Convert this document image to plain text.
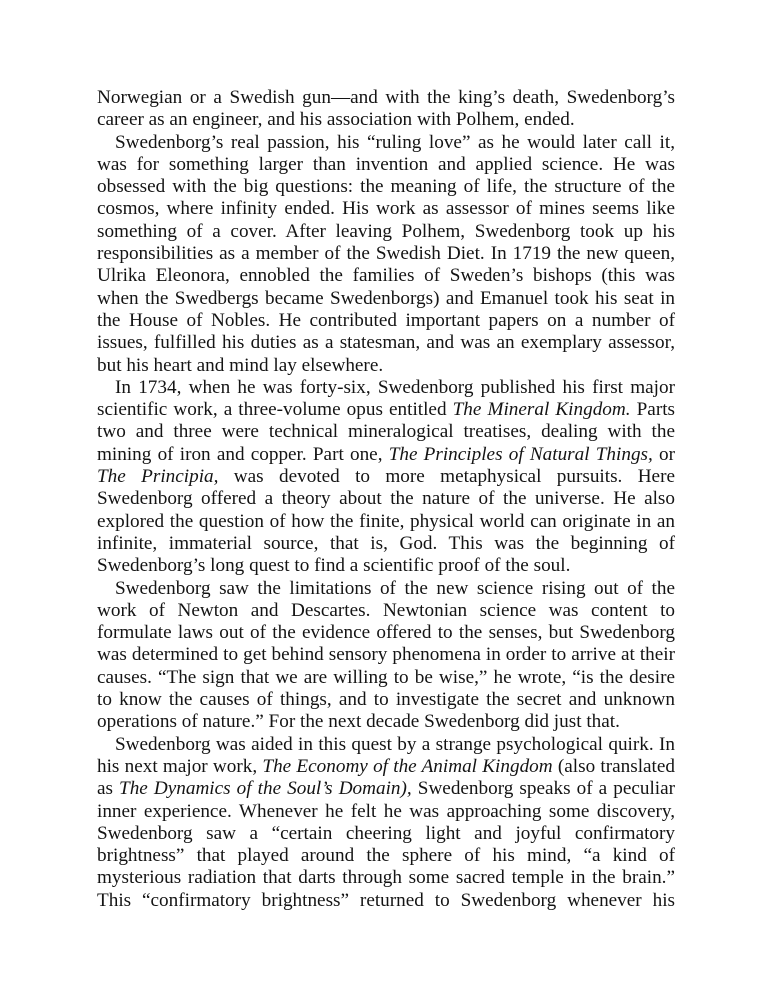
Norwegian or a Swedish gun—and with the king’s death, Swedenborg’s career as an engineer, and his association with Polhem, ended.

Swedenborg’s real passion, his “ruling love” as he would later call it, was for something larger than invention and applied science. He was obsessed with the big questions: the meaning of life, the structure of the cosmos, where infinity ended. His work as assessor of mines seems like something of a cover. After leaving Polhem, Swedenborg took up his responsibilities as a member of the Swedish Diet. In 1719 the new queen, Ulrika Eleonora, ennobled the families of Sweden’s bishops (this was when the Swedbergs became Swedenborgs) and Emanuel took his seat in the House of Nobles. He contributed important papers on a number of issues, fulfilled his duties as a statesman, and was an exemplary assessor, but his heart and mind lay elsewhere.

In 1734, when he was forty-six, Swedenborg published his first major scientific work, a three-volume opus entitled The Mineral Kingdom. Parts two and three were technical mineralogical treatises, dealing with the mining of iron and copper. Part one, The Principles of Natural Things, or The Principia, was devoted to more metaphysical pursuits. Here Swedenborg offered a theory about the nature of the universe. He also explored the question of how the finite, physical world can originate in an infinite, immaterial source, that is, God. This was the beginning of Swedenborg’s long quest to find a scientific proof of the soul.

Swedenborg saw the limitations of the new science rising out of the work of Newton and Descartes. Newtonian science was content to formulate laws out of the evidence offered to the senses, but Swedenborg was determined to get behind sensory phenomena in order to arrive at their causes. “The sign that we are willing to be wise,” he wrote, “is the desire to know the causes of things, and to investigate the secret and unknown operations of nature.” For the next decade Swedenborg did just that.

Swedenborg was aided in this quest by a strange psychological quirk. In his next major work, The Economy of the Animal Kingdom (also translated as The Dynamics of the Soul’s Domain), Swedenborg speaks of a peculiar inner experience. Whenever he felt he was approaching some discovery, Swedenborg saw a “certain cheering light and joyful confirmatory brightness” that played around the sphere of his mind, “a kind of mysterious radiation that darts through some sacred temple in the brain.” This “confirmatory brightness” returned to Swedenborg whenever his
